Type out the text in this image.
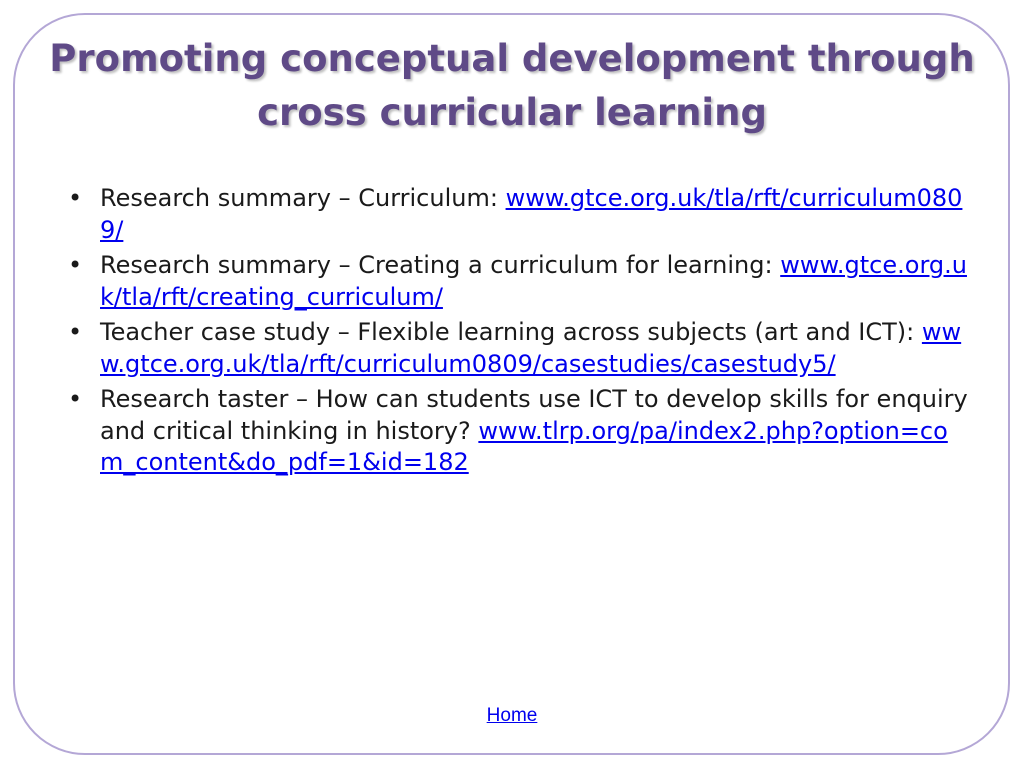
Promoting conceptual development through cross curricular learning
• Research summary – Curriculum: www.gtce.org.uk/tla/rft/curriculum0809/
• Research summary – Creating a curriculum for learning: www.gtce.org.uk/tla/rft/creating_curriculum/
• Teacher case study – Flexible learning across subjects (art and ICT): www.gtce.org.uk/tla/rft/curriculum0809/casestudies/casestudy5/
• Research taster – How can students use ICT to develop skills for enquiry and critical thinking in history? www.tlrp.org/pa/index2.php?option=com_content&do_pdf=1&id=182
Home
